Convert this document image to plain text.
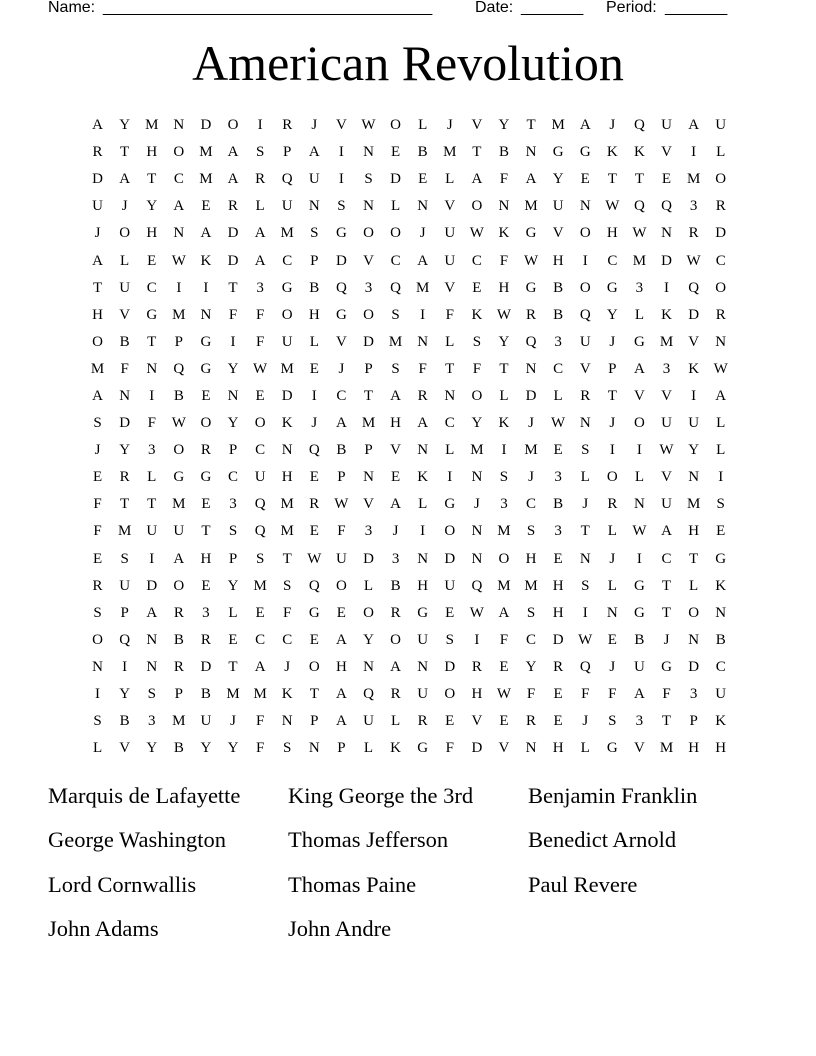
Name: _____________________________________	Date: _______ Period: _______
American Revolution
A	Y	M	N	D	O	I	R	J	V W O	L	J	V	Y	T	M	A	J	Q	U	A	U
R	T	H	O	M	A	S	P	A	I	N	E	B	M	T	B	N	G	G	K	K	V	I	L
D	A	T	C	M	A	R	Q	U	I	S	D	E	L	A	F	A	Y	E	T	T	E	M	O
U	J	Y	A	E	R	L	U	N	S	N	L	N	V	O	N	M	U	N W Q	Q	3	R
J	O	H	N	A	D	A	M	S	G	O	O	J	U W K	G	V	O	H W N	R	D
A	L	E	W K	D	A	C	P	D	V	C	A	U	C	F	W H	I	C	M	D W	C
T	U	C	I	I	T	3	G	B	Q	3	Q	M	V	E	H	G	B	O	G	3	I	Q	O
H	V	G	M	N	F	F	O	H	G	O	S	I	F	K W	R	B	Q	Y	L	K	D	R
O	B	T	P	G	I	F	U	L	V	D	M	N	L	S	Y	Q	3	U	J	G	M	V	N
M	F	N	Q	G	Y W M	E	J	P	S	F	T	F	T	N	C	V	P	A	3	K W
A	N	I	B	E	N	E	D	I	C	T	A	R	N	O	L	D	L	R	T	V	V	I	A
S	D	F	W O	Y	O	K	J	A	M	H	A	C	Y	K	J	W N	J	O	U	U	L
J	Y	3	O	R	P	C	N	Q	B	P	V	N	L	M	I	M	E	S	I	I	W Y	L
E	R	L	G	G	C	U	H	E	P	N	E	K	I	N	S	J	3	L	O	L	V	N	I
F	T	T	M	E	3	Q	M	R	W V	A	L	G	J	3	C	B	J	R	N	U	M	S
F	M	U	U	T	S	Q	M	E	F	3	J	I	O	N	M	S	3	T	L	W A	H	E
E	S	I	A	H	P	S	T	W U	D	3	N	D	N	O	H	E	N	J	I	C	T	G
R	U	D	O	E	Y	M	S	Q	O	L	B	H	U	Q	M M	H	S	L	G	T	L	K
S	P	A	R	3	L	E	F	G	E	O	R	G	E	W A	S	H	I	N	G	T	O	N
O	Q	N	B	R	E	C	C	E	A	Y	O	U	S	I	F	C	D W	E	B	J	N	B
N	I	N	R	D	T	A	J	O	H	N	A	N	D	R	E	Y	R	Q	J	U	G	D	C
I	Y	S	P	B	M M	K	T	A	Q	R	U	O	H W	F	E	F	F	A	F	3	U
S	B	3	M	U	J	F	N	P	A	U	L	R	E	V	E	R	E	J	S	3	T	P	K
L	V	Y	B	Y	Y	F	S	N	P	L	K	G	F	D	V	N	H	L	G	V	M	H	H
Marquis de Lafayette	King George the 3rd	Benjamin Franklin
George Washington	Thomas Jefferson	Benedict Arnold
Lord Cornwallis	Thomas Paine	Paul Revere
John Adams	John Andre
